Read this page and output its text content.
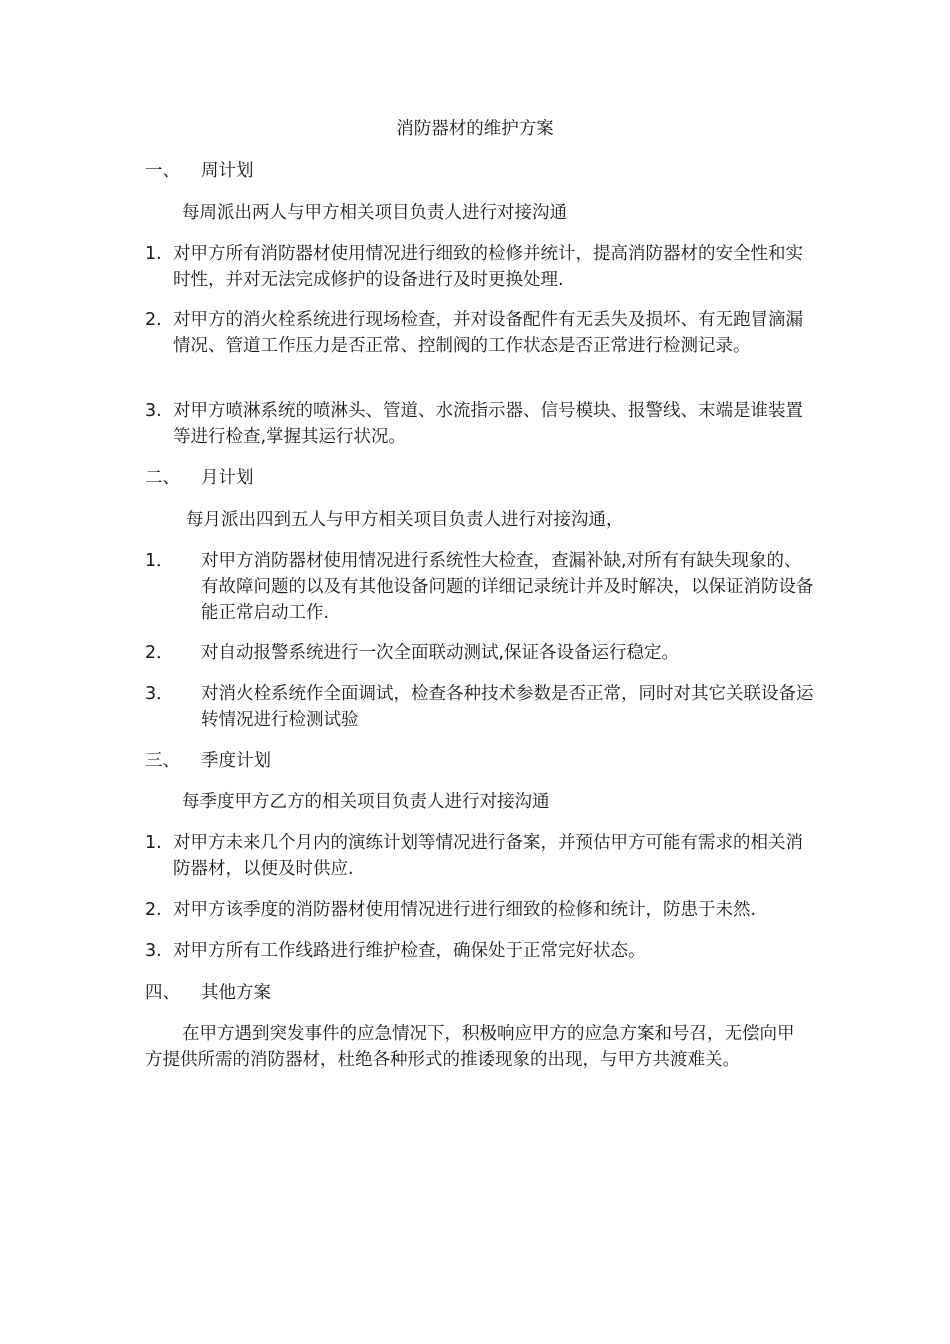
消防器材的维护方案
一、 周计划
每周派出两人与甲方相关项目负责人进行对接沟通
1. 对甲方所有消防器材使用情况进行细致的检修并统计，提高消防器材的安全性和实时性，并对无法完成修护的设备进行及时更换处理.
2. 对甲方的消火栓系统进行现场检查，并对设备配件有无丢失及损坏、有无跑冒滴漏情况、管道工作压力是否正常、控制阀的工作状态是否正常进行检测记录。
3. 对甲方喷淋系统的喷淋头、管道、水流指示器、信号模块、报警线、末端是谁装置等进行检查,掌握其运行状况。
二、 月计划
每月派出四到五人与甲方相关项目负责人进行对接沟通，
1． 对甲方消防器材使用情况进行系统性大检查，查漏补缺,对所有有缺失现象的、有故障问题的以及有其他设备问题的详细记录统计并及时解决，以保证消防设备能正常启动工作.
2． 对自动报警系统进行一次全面联动测试,保证各设备运行稳定。
3． 对消火栓系统作全面调试，检查各种技术参数是否正常，同时对其它关联设备运转情况进行检测试验
三、 季度计划
每季度甲方乙方的相关项目负责人进行对接沟通
1. 对甲方未来几个月内的演练计划等情况进行备案，并预估甲方可能有需求的相关消防器材，以便及时供应.
2. 对甲方该季度的消防器材使用情况进行进行细致的检修和统计，防患于未然.
3. 对甲方所有工作线路进行维护检查，确保处于正常完好状态。
四、 其他方案
在甲方遇到突发事件的应急情况下，积极响应甲方的应急方案和号召，无偿向甲方提供所需的消防器材，杜绝各种形式的推诿现象的出现，与甲方共渡难关。
